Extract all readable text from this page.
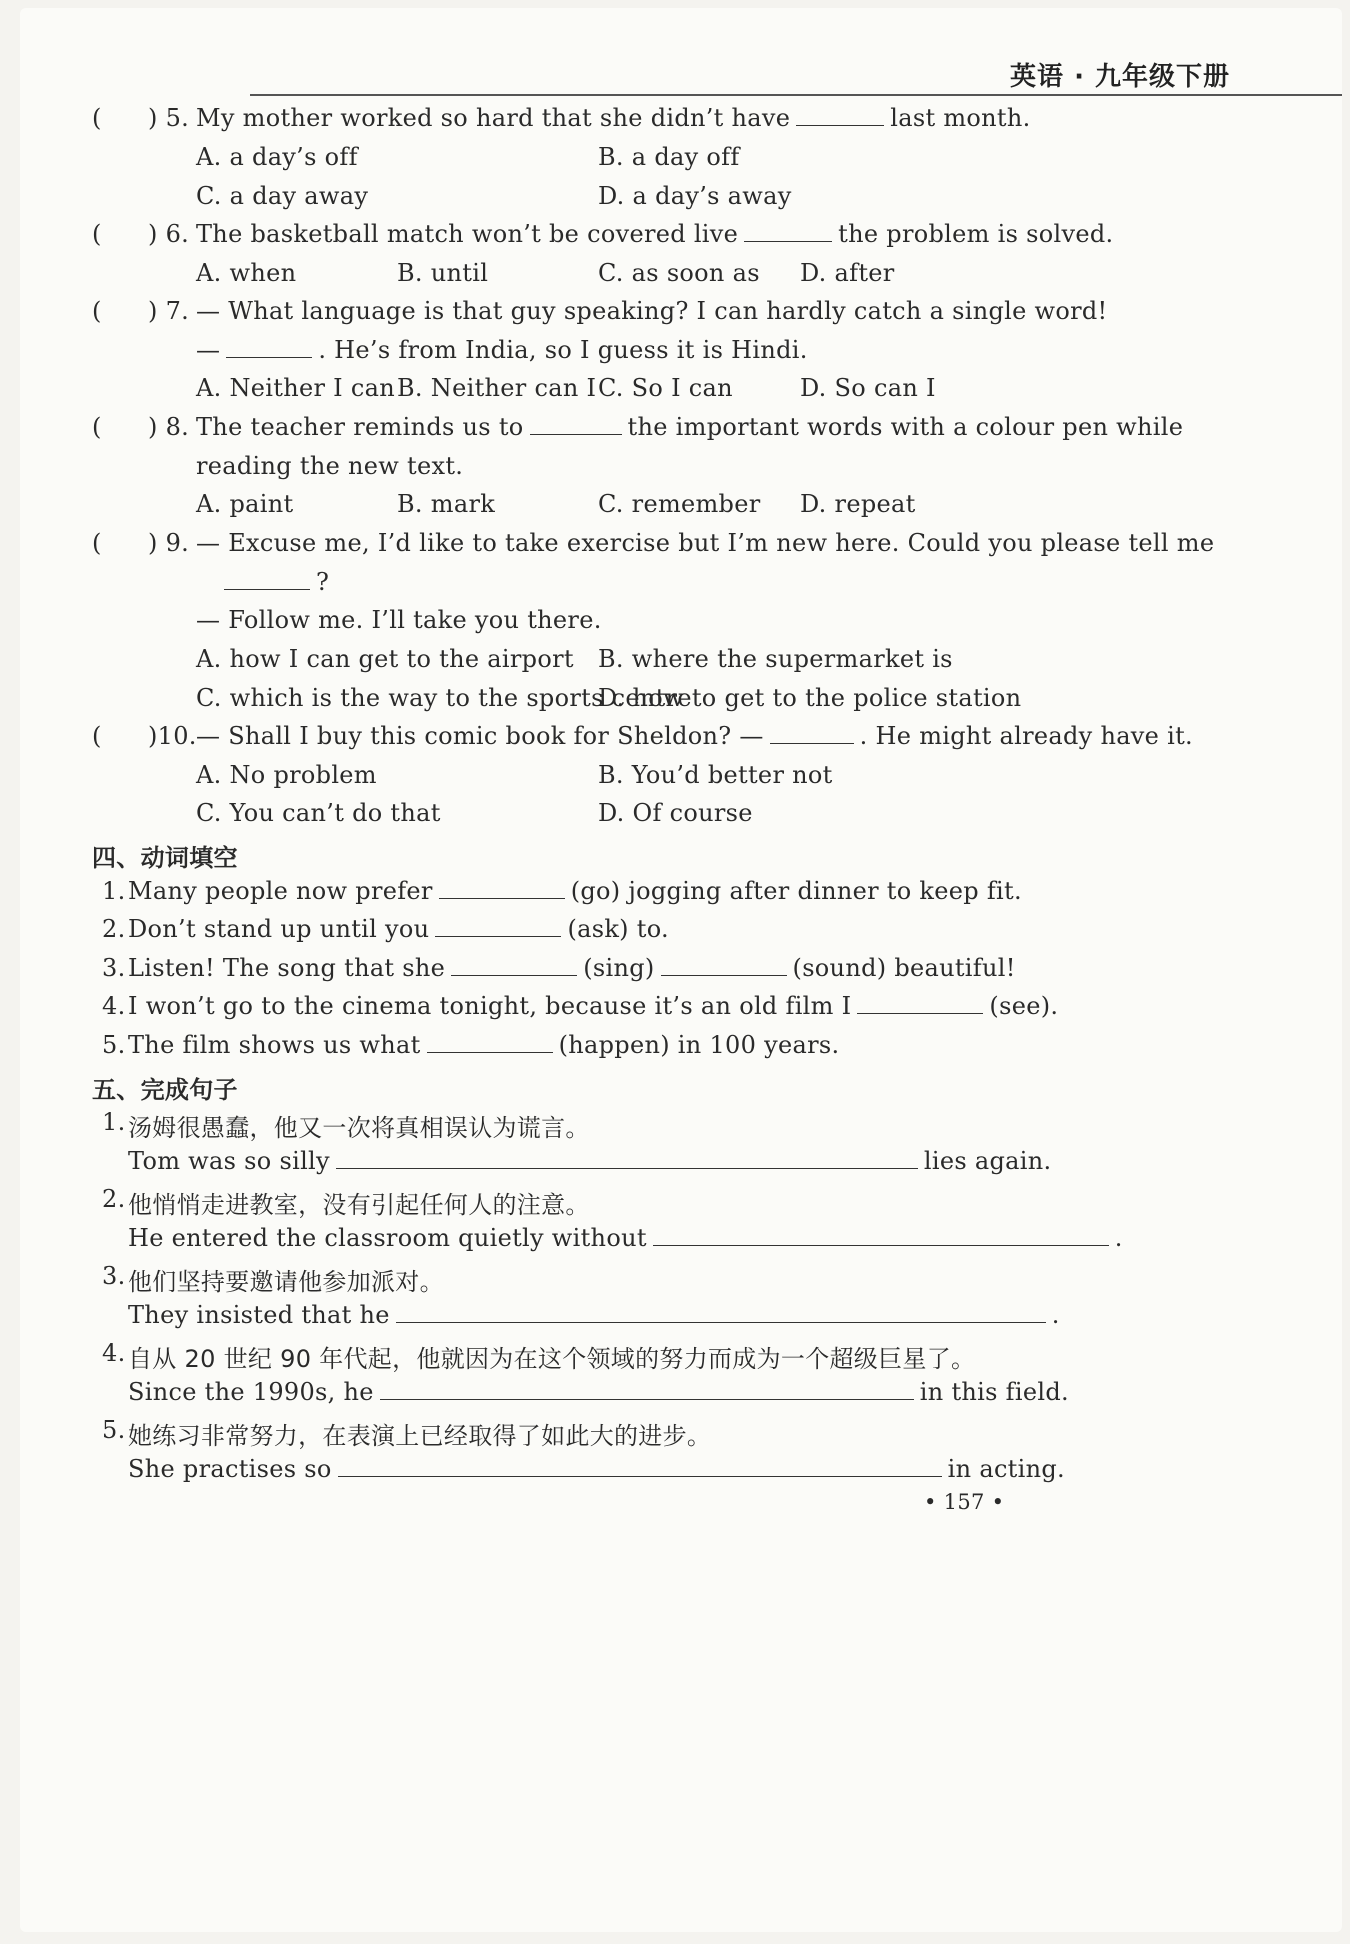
英语 · 九年级下册
( ) 5. My mother worked so hard that she didn’t have	last month.
A. a day’s off	B. a day off
C. a day away	D. a day’s away
( ) 6. The basketball match won’t be covered live	the problem is solved.
A. when	B. until	C. as soon as D. after
( ) 7. — What language is that guy speaking? I can hardly catch a single word!
—	. He’s from India, so I guess it is Hindi.
A. Neither I can B. Neither can I C. So I can	D. So can I
( ) 8. The teacher reminds us to	the important words with a colour pen while
reading the new text.
A. paint	B. mark	C. remember D. repeat
( ) 9. — Excuse me, I’d like to take exercise but I’m new here. Could you please tell me
?
— Follow me. I’ll take you there.
A. how I can get to the airport B. where the supermarket is
C. which is the way to the sports centre
D. how to get to the police station
( )10. — Shall I buy this comic book for Sheldon? —	. He might already have it.
A. No problem	B. You’d better not
C. You can’t do that	D. Of course
四、动词填空
1. Many people now prefer	(go) jogging after dinner to keep fit.
2. Don’t stand up until you	(ask) to.
3. Listen! The song that she	(sing)	(sound) beautiful!
4. I won’t go to the cinema tonight, because it’s an old film I	(see).
5. The film shows us what	(happen) in 100 years.
五、完成句子
1. 汤姆很愚蠢，他又一次将真相误认为谎言。
Tom was so silly	lies again.
2. 他悄悄走进教室，没有引起任何人的注意。
He entered the classroom quietly without	.
3. 他们坚持要邀请他参加派对。
They insisted that he	.
4. 自从 20 世纪 90 年代起，他就因为在这个领域的努力而成为一个超级巨星了。
Since the 1990s, he	in this field.
5. 她练习非常努力，在表演上已经取得了如此大的进步。
She practises so	in acting.
• 157 •
